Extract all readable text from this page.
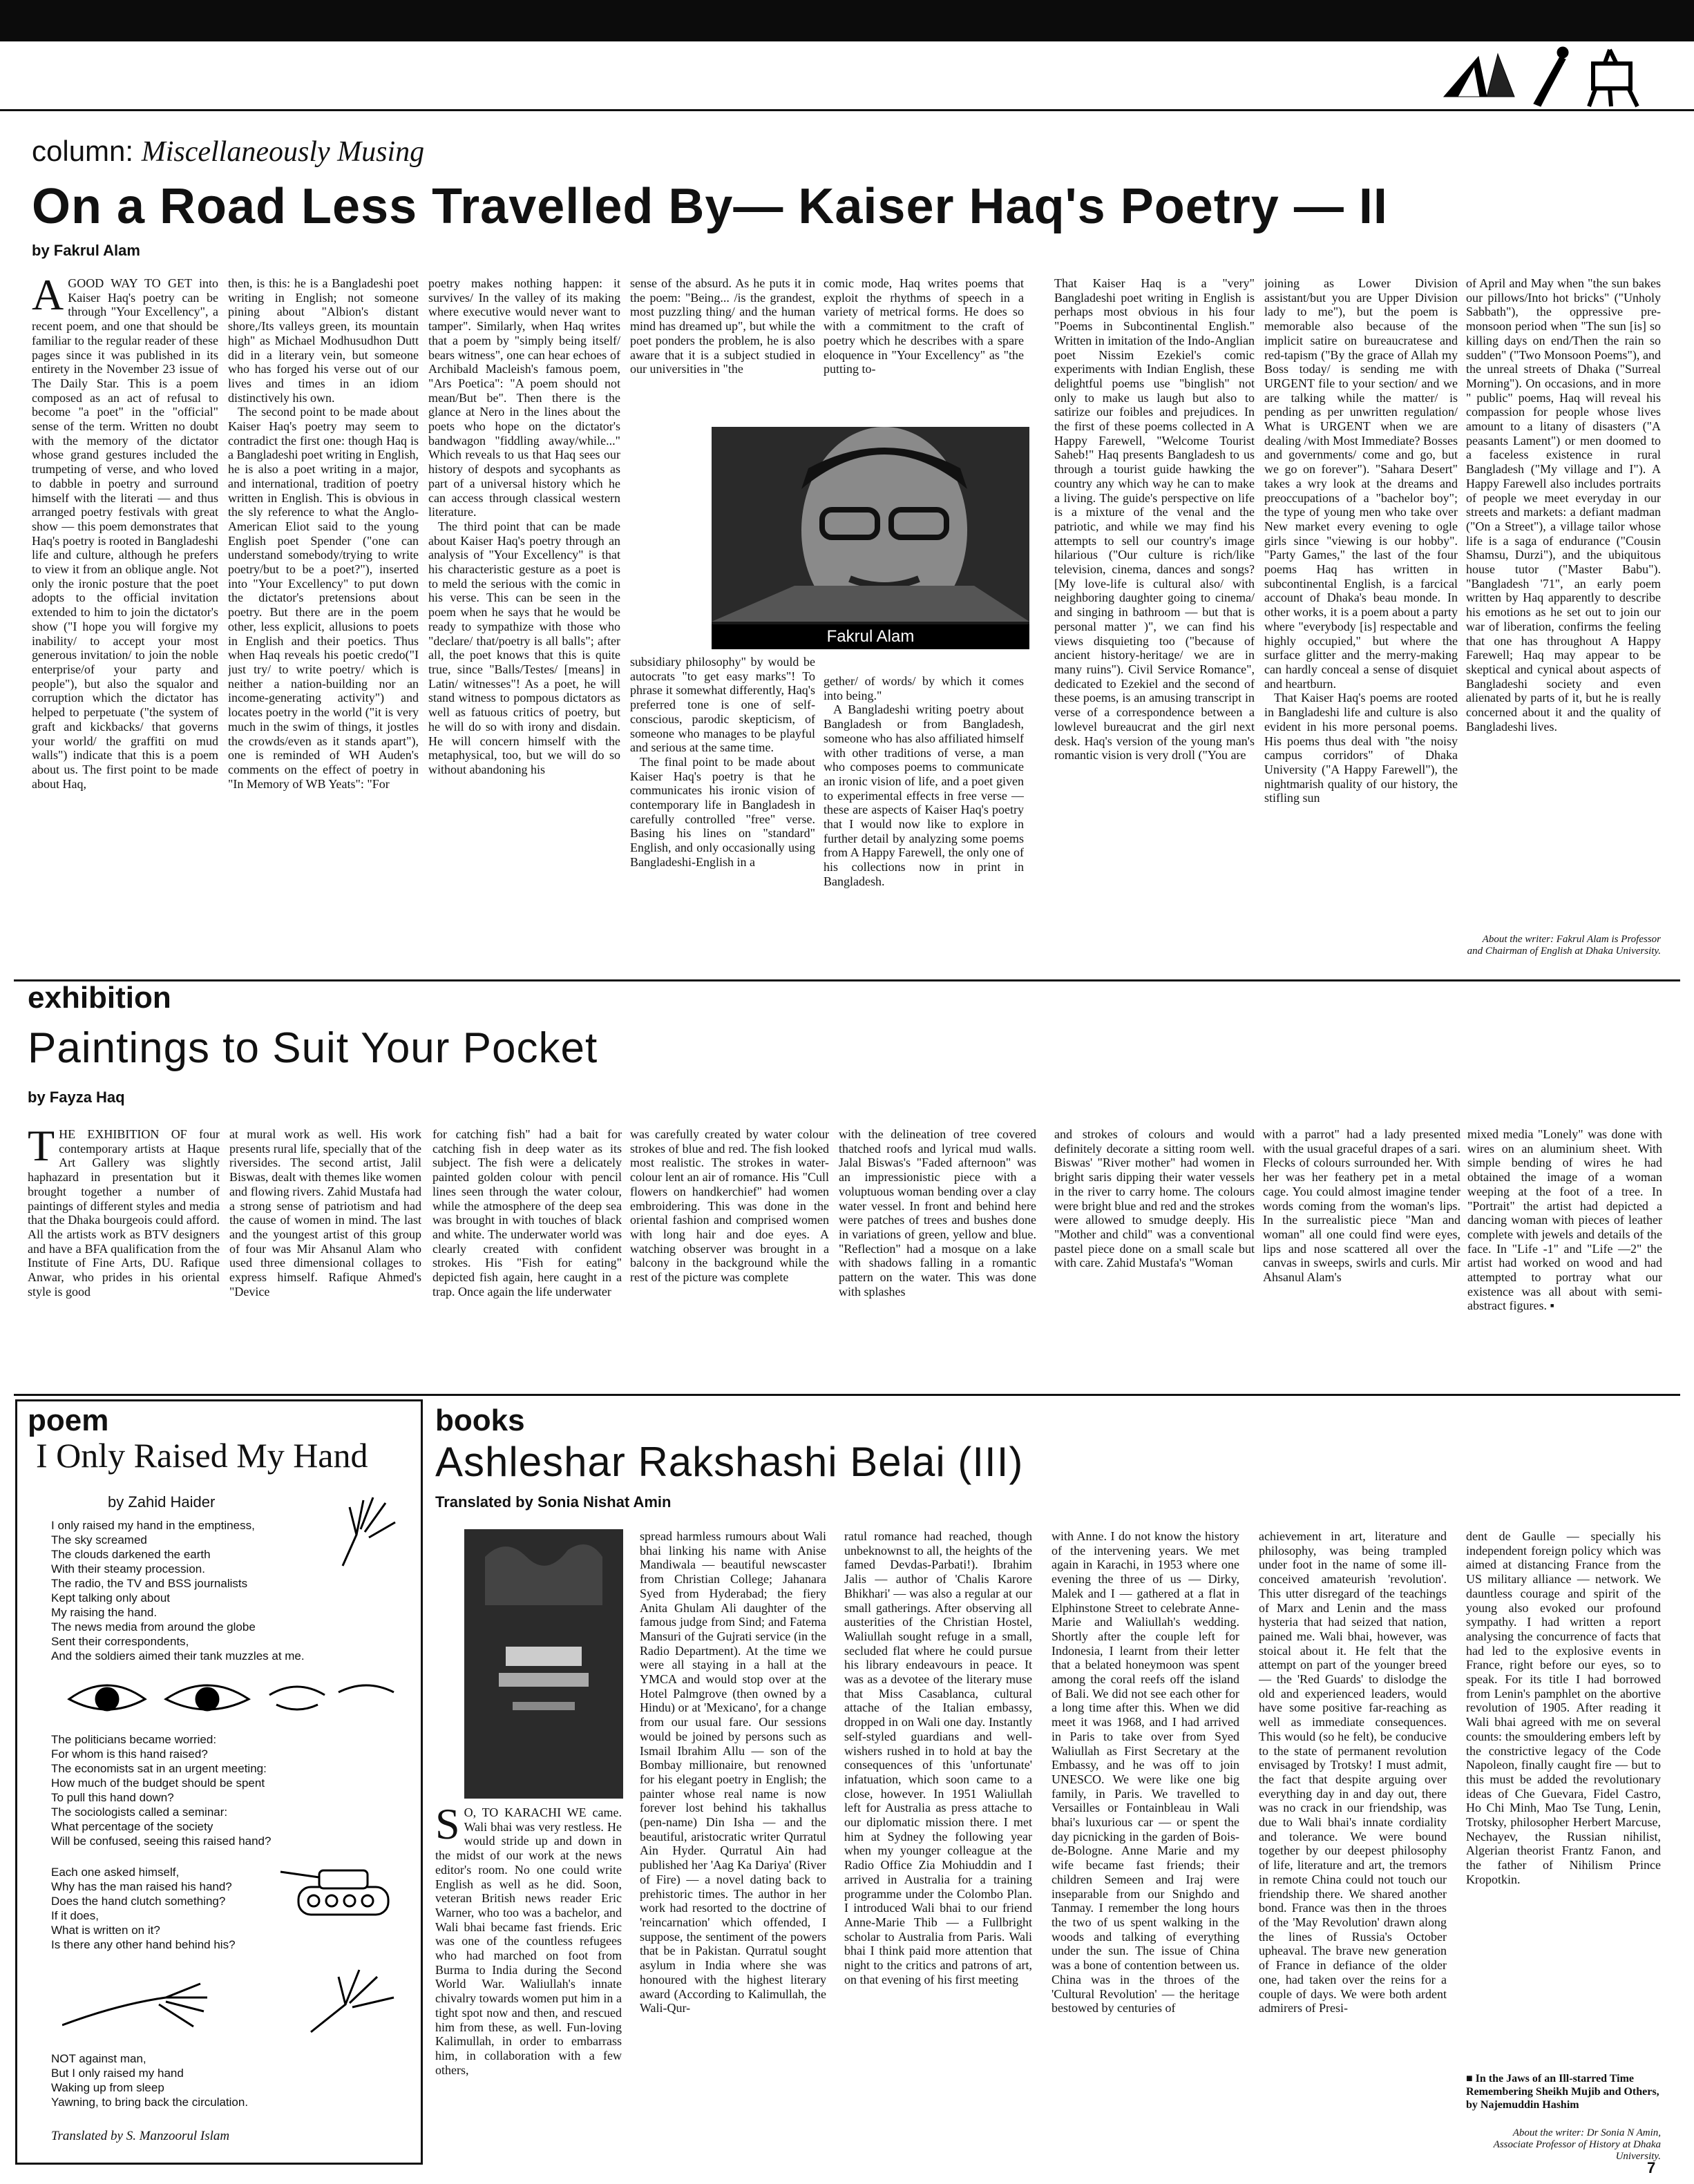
column: Miscellaneously Musing
On a Road Less Travelled By— Kaiser Haq's Poetry — II
by Fakrul Alam

AGOOD WAY TO GET into Kaiser Haq's poetry can be through "Your Excellency", a recent poem, and one that should be familiar to the regular reader of these pages since it was published in its entirety in the November 23 issue of The Daily Star. This is a poem composed as an act of refusal to become "a poet" in the "official" sense of the term. Written no doubt with the memory of the dictator whose grand gestures included the trumpeting of verse, and who loved to dabble in poetry and surround himself with the literati — and thus arranged poetry festivals with great show — this poem demonstrates that Haq's poetry is rooted in Bangladeshi life and culture, although he prefers to view it from an oblique angle. Not only the ironic posture that the poet adopts to the official invitation extended to him to join the dictator's show ("I hope you will forgive my inability/ to accept your most generous invitation/ to join the noble enterprise/of your party and people"), but also the squalor and corruption which the dictator has helped to perpetuate ("the system of graft and kickbacks/ that governs your world/ the graffiti on mud walls") indicate that this is a poem about us. The first point to be made about Haq,

then, is this: he is a Bangladeshi poet writing in English; not someone pining about "Albion's distant shore,/Its valleys green, its mountain high" as Michael Modhusudhon Dutt did in a literary vein, but someone who has forged his verse out of our lives and times in an idiom distinctively his own.

The second point to be made about Kaiser Haq's poetry may seem to contradict the first one: though Haq is a Bangladeshi poet writing in English, he is also a poet writing in a major, and international, tradition of poetry written in English. This is obvious in the sly reference to what the Anglo-American Eliot said to the young English poet Spender ("one can understand somebody/trying to write poetry/but to be a poet?"), inserted into "Your Excellency" to put down the dictator's pretensions about poetry. But there are in the poem other, less explicit, allusions to poets in English and their poetics. Thus when Haq reveals his poetic credo("I just try/ to write poetry/ which is neither a nation-building nor an income-generating activity") and locates poetry in the world ("it is very much in the swim of things, it jostles the crowds/even as it stands apart"), one is reminded of WH Auden's comments on the effect of poetry in "In Memory of WB Yeats": "For

poetry makes nothing happen: it survives/ In the valley of its making where executive would never want to tamper". Similarly, when Haq writes that a poem by "simply being itself/ bears witness", one can hear echoes of Archibald Macleish's famous poem, "Ars Poetica": "A poem should not mean/But be". Then there is the glance at Nero in the lines about the poets who hope on the dictator's bandwagon "fiddling away/while..." Which reveals to us that Haq sees our history of despots and sycophants as part of a universal history which he can access through classical western literature.

The third point that can be made about Kaiser Haq's poetry through an analysis of "Your Excellency" is that his characteristic gesture as a poet is to meld the serious with the comic in his verse. This can be seen in the poem when he says that he would be ready to sympathize with those who "declare/ that/poetry is all balls"; after all, the poet knows that this is quite true, since "Balls/Testes/ [means] in Latin/ witnesses"! As a poet, he will stand witness to pompous dictators as well as fatuous critics of poetry, but he will do so with irony and disdain. He will concern himself with the metaphysical, too, but we will do so without abandoning his

sense of the absurd. As he puts it in the poem: "Being... /is the grandest, most puzzling thing/ and the human mind has dreamed up", but while the poet ponders the problem, he is also aware that it is a subject studied in our universities in "the

comic mode, Haq writes poems that exploit the rhythms of speech in a variety of metrical forms. He does so with a commitment to the craft of poetry which he describes with a spare eloquence in "Your Excellency" as "the putting to-

Fakrul Alam

subsidiary philosophy" by would be autocrats "to get easy marks"! To phrase it somewhat differently, Haq's preferred tone is one of self-conscious, parodic skepticism, of someone who manages to be playful and serious at the same time.

The final point to be made about Kaiser Haq's poetry is that he communicates his ironic vision of contemporary life in Bangladesh in carefully controlled "free" verse. Basing his lines on "standard" English, and only occasionally using Bangladeshi-English in a

gether/ of words/ by which it comes into being."

A Bangladeshi writing poetry about Bangladesh or from Bangladesh, someone who has also affiliated himself with other traditions of verse, a man who composes poems to communicate an ironic vision of life, and a poet given to experimental effects in free verse — these are aspects of Kaiser Haq's poetry that I would now like to explore in further detail by analyzing some poems from A Happy Farewell, the only one of his collections now in print in Bangladesh.

That Kaiser Haq is a "very" Bangladeshi poet writing in English is perhaps most obvious in his four "Poems in Subcontinental English." Written in imitation of the Indo-Anglian poet Nissim Ezekiel's comic experiments with Indian English, these delightful poems use "binglish" not only to make us laugh but also to satirize our foibles and prejudices. In the first of these poems collected in A Happy Farewell, "Welcome Tourist Saheb!" Haq presents Bangladesh to us through a tourist guide hawking the country any which way he can to make a living. The guide's perspective on life is a mixture of the venal and the patriotic, and while we may find his attempts to sell our country's image hilarious ("Our culture is rich/like television, cinema, dances and songs? [My love-life is cultural also/ with neighboring daughter going to cinema/ and singing in bathroom — but that is personal matter )", we can find his views disquieting too ("because of ancient history-heritage/ we are in many ruins"). Civil Service Romance", dedicated to Ezekiel and the second of these poems, is an amusing transcript in verse of a correspondence between a lowlevel bureaucrat and the girl next desk. Haq's version of the young man's romantic vision is very droll ("You are

joining as Lower Division assistant/but you are Upper Division lady to me"), but the poem is memorable also because of the implicit satire on bureaucratese and red-tapism ("By the grace of Allah my Boss today/ is sending me with URGENT file to your section/ and we are talking while the matter/ is pending as per unwritten regulation/ What is URGENT when we are dealing /with Most Immediate? Bosses and governments/ come and go, but we go on forever"). "Sahara Desert" takes a wry look at the dreams and preoccupations of a "bachelor boy"; the type of young men who take over New market every evening to ogle girls since "viewing is our hobby". "Party Games," the last of the four poems Haq has written in subcontinental English, is a farcical account of Dhaka's beau monde. In other works, it is a poem about a party where "everybody [is] respectable and highly occupied," but where the surface glitter and the merry-making can hardly conceal a sense of disquiet and heartburn.

That Kaiser Haq's poems are rooted in Bangladeshi life and culture is also evident in his more personal poems. His poems thus deal with "the noisy campus corridors" of Dhaka University ("A Happy Farewell"), the nightmarish quality of our history, the stifling sun

of April and May when "the sun bakes our pillows/Into hot bricks" ("Unholy Sabbath"), the oppressive pre-monsoon period when "The sun [is] so killing days on end/Then the rain so sudden" ("Two Monsoon Poems"), and the unreal streets of Dhaka ("Surreal Morning"). On occasions, and in more " public" poems, Haq will reveal his compassion for people whose lives amount to a litany of disasters ("A peasants Lament") or men doomed to a faceless existence in rural Bangladesh ("My village and I"). A Happy Farewell also includes portraits of people we meet everyday in our streets and markets: a defiant madman ("On a Street"), a village tailor whose life is a saga of endurance ("Cousin Shamsu, Durzi"), and the ubiquitous house tutor ("Master Babu"). "Bangladesh '71", an early poem written by Haq apparently to describe his emotions as he set out to join our war of liberation, confirms the feeling that one has throughout A Happy Farewell; Haq may appear to be skeptical and cynical about aspects of Bangladeshi society and even alienated by parts of it, but he is really concerned about it and the quality of Bangladeshi lives.

About the writer: Fakrul Alam is Professor and Chairman of English at Dhaka University.
exhibition
Paintings to Suit Your Pocket
by Fayza Haq

THE EXHIBITION OF four contemporary artists at Haque Art Gallery was slightly haphazard in presentation but it brought together a number of paintings of different styles and media that the Dhaka bourgeois could afford. All the artists work as BTV designers and have a BFA qualification from the Institute of Fine Arts, DU. Rafique Anwar, who prides in his oriental style is good

at mural work as well. His work presents rural life, specially that of the riversides. The second artist, Jalil Biswas, dealt with themes like women and flowing rivers. Zahid Mustafa had a strong sense of patriotism and had the cause of women in mind. The last and the youngest artist of this group of four was Mir Ahsanul Alam who used three dimensional collages to express himself. Rafique Ahmed's "Device

for catching fish" had a bait for catching fish in deep water as its subject. The fish were a delicately painted golden colour with pencil lines seen through the water colour, while the atmosphere of the deep sea was brought in with touches of black and white. The underwater world was clearly created with confident strokes. His "Fish for eating" depicted fish again, here caught in a trap. Once again the life underwater

was carefully created by water colour strokes of blue and red. The fish looked most realistic. The strokes in water-colour lent an air of romance. His "Cull flowers on handkerchief" had women embroidering. This was done in the oriental fashion and comprised women with long hair and doe eyes. A watching observer was brought in a balcony in the background while the rest of the picture was complete

with the delineation of tree covered thatched roofs and lyrical mud walls. Jalal Biswas's "Faded afternoon" was an impressionistic piece with a voluptuous woman bending over a clay water vessel. In front and behind here were patches of trees and bushes done in variations of green, yellow and blue. "Reflection" had a mosque on a lake with shadows falling in a romantic pattern on the water. This was done with splashes

and strokes of colours and would definitely decorate a sitting room well. Biswas' "River mother" had women in bright saris dipping their water vessels in the river to carry home. The colours were bright blue and red and the strokes were allowed to smudge deeply. His "Mother and child" was a conventional pastel piece done on a small scale but with care. Zahid Mustafa's "Woman

with a parrot" had a lady presented with the usual graceful drapes of a sari. Flecks of colours surrounded her. With her was her feathery pet in a metal cage. You could almost imagine tender words coming from the woman's lips. In the surrealistic piece "Man and woman" all one could find were eyes, lips and nose scattered all over the canvas in sweeps, swirls and curls. Mir Ahsanul Alam's

mixed media "Lonely" was done with wires on an aluminium sheet. With simple bending of wires he had obtained the image of a woman weeping at the foot of a tree. In "Portrait" the artist had depicted a dancing woman with pieces of leather complete with jewels and details of the face. In "Life -1" and "Life —2" the artist had worked on wood and had attempted to portray what our existence was all about with semi-abstract figures. ▪

poem
I Only Raised My Hand
by Zahid Haider

I only raised my hand in the emptiness,

The sky screamed

The clouds darkened the earth

With their steamy procession.

The radio, the TV and BSS journalists

Kept talking only about

My raising the hand.

The news media from around the globe

Sent their correspondents,

And the soldiers aimed their tank muzzles at me.

The politicians became worried:

For whom is this hand raised?

The economists sat in an urgent meeting:

How much of the budget should be spent

To pull this hand down?

The sociologists called a seminar:

What percentage of the society

Will be confused, seeing this raised hand?

Each one asked himself,

Why has the man raised his hand?

Does the hand clutch something?

If it does,

What is written on it?

Is there any other hand behind his?

NOT against man,

But I only raised my hand

Waking up from sleep

Yawning, to bring back the circulation.

Translated by S. Manzoorul Islam
books
Ashleshar Rakshashi Belai (III)
Translated by Sonia Nishat Amin

S O, TO KARACHI WE came. Wali bhai was very restless. He would stride up and down in the midst of our work at the news editor's room. No one could write English as well as he did. Soon, veteran British news reader Eric Warner, who too was a bachelor, and Wali bhai became fast friends. Eric was one of the countless refugees who had marched on foot from Burma to India during the Second World War. Waliullah's innate chivalry towards women put him in a tight spot now and then, and rescued him from these, as well. Fun-loving Kalimullah, in order to embarrass him, in collaboration with a few others,

spread harmless rumours about Wali bhai linking his name with Anise Mandiwala — beautiful newscaster from Christian College; Jahanara Syed from Hyderabad; the fiery Anita Ghulam Ali daughter of the famous judge from Sind; and Fatema Mansuri of the Gujrati service (in the Radio Department). At the time we were all staying in a hall at the YMCA and would stop over at the Hotel Palmgrove (then owned by a Hindu) or at 'Mexicano', for a change from our usual fare. Our sessions would be joined by persons such as Ismail Ibrahim Allu — son of the Bombay millionaire, but renowned for his elegant poetry in English; the painter whose real name is now forever lost behind his takhallus (pen-name) Din Isha — and the beautiful, aristocratic writer Qurratul Ain Hyder. Qurratul Ain had published her 'Aag Ka Dariya' (River of Fire) — a novel dating back to prehistoric times. The author in her work had resorted to the doctrine of 'reincarnation' which offended, I suppose, the sentiment of the powers that be in Pakistan. Qurratul sought asylum in India where she was honoured with the highest literary award (According to Kalimullah, the Wali-Qur-

ratul romance had reached, though unbeknownst to all, the heights of the famed Devdas-Parbati!). Ibrahim Jalis — author of 'Chalis Karore Bhikhari' — was also a regular at our small gatherings. After observing all austerities of the Christian Hostel, Waliullah sought refuge in a small, secluded flat where he could pursue his library endeavours in peace. It was as a devotee of the literary muse that Miss Casablanca, cultural attache of the Italian embassy, dropped in on Wali one day. Instantly self-styled guardians and well-wishers rushed in to hold at bay the consequences of this 'unfortunate' infatuation, which soon came to a close, however. In 1951 Waliullah left for Australia as press attache to our diplomatic mission there. I met him at Sydney the following year when my younger colleague at the Radio Office Zia Mohiuddin and I arrived in Australia for a training programme under the Colombo Plan. I introduced Wali bhai to our friend Anne-Marie Thib — a Fullbright scholar to Australia from Paris. Wali bhai I think paid more attention that night to the critics and patrons of art, on that evening of his first meeting

with Anne. I do not know the history of the intervening years. We met again in Karachi, in 1953 where one evening the three of us — Dirky, Malek and I — gathered at a flat in Elphinstone Street to celebrate Anne-Marie and Waliullah's wedding. Shortly after the couple left for Indonesia, I learnt from their letter that a belated honeymoon was spent among the coral reefs off the island of Bali. We did not see each other for a long time after this. When we did meet it was 1968, and I had arrived in Paris to take over from Syed Waliullah as First Secretary at the Embassy, and he was off to join UNESCO. We were like one big family, in Paris. We travelled to Versailles or Fontainbleau in Wali bhai's luxurious car — or spent the day picnicking in the garden of Bois-de-Bologne. Anne Marie and my wife became fast friends; their children Semeen and Iraj were inseparable from our Snighdo and Tanmay. I remember the long hours the two of us spent walking in the woods and talking of everything under the sun. The issue of China was a bone of contention between us. China was in the throes of the 'Cultural Revolution' — the heritage bestowed by centuries of

achievement in art, literature and philosophy, was being trampled under foot in the name of some ill-conceived amateurish 'revolution'. This utter disregard of the teachings of Marx and Lenin and the mass hysteria that had seized that nation, pained me. Wali bhai, however, was stoical about it. He felt that the attempt on part of the younger breed — the 'Red Guards' to dislodge the old and experienced leaders, would have some positive far-reaching as well as immediate consequences. This would (so he felt), be conducive to the state of permanent revolution envisaged by Trotsky! I must admit, the fact that despite arguing over everything day in and day out, there was no crack in our friendship, was due to Wali bhai's innate cordiality and tolerance. We were bound together by our deepest philosophy of life, literature and art, the tremors in remote China could not touch our friendship there. We shared another bond. France was then in the throes of the 'May Revolution' drawn along the lines of Russia's October upheaval. The brave new generation of France in defiance of the older one, had taken over the reins for a couple of days. We were both ardent admirers of Presi-

dent de Gaulle — specially his independent foreign policy which was aimed at distancing France from the US military alliance — network. We dauntless courage and spirit of the young also evoked our profound sympathy. I had written a report analysing the concurrence of facts that had led to the explosive events in France, right before our eyes, so to speak. For its title I had borrowed from Lenin's pamphlet on the abortive revolution of 1905. After reading it Wali bhai agreed with me on several counts: the smouldering embers left by the constrictive legacy of the Code Napoleon, finally caught fire — but to this must be added the revolutionary ideas of Che Guevara, Fidel Castro, Ho Chi Minh, Mao Tse Tung, Lenin, Trotsky, philosopher Herbert Marcuse, Nechayev, the Russian nihilist, Algerian theorist Frantz Fanon, and the father of Nihilism Prince Kropotkin.

■ In the Jaws of an Ill-starred Time Remembering Sheikh Mujib and Others, by Najemuddin Hashim
About the writer: Dr Sonia N Amin, Associate Professor of History at Dhaka University.
7
